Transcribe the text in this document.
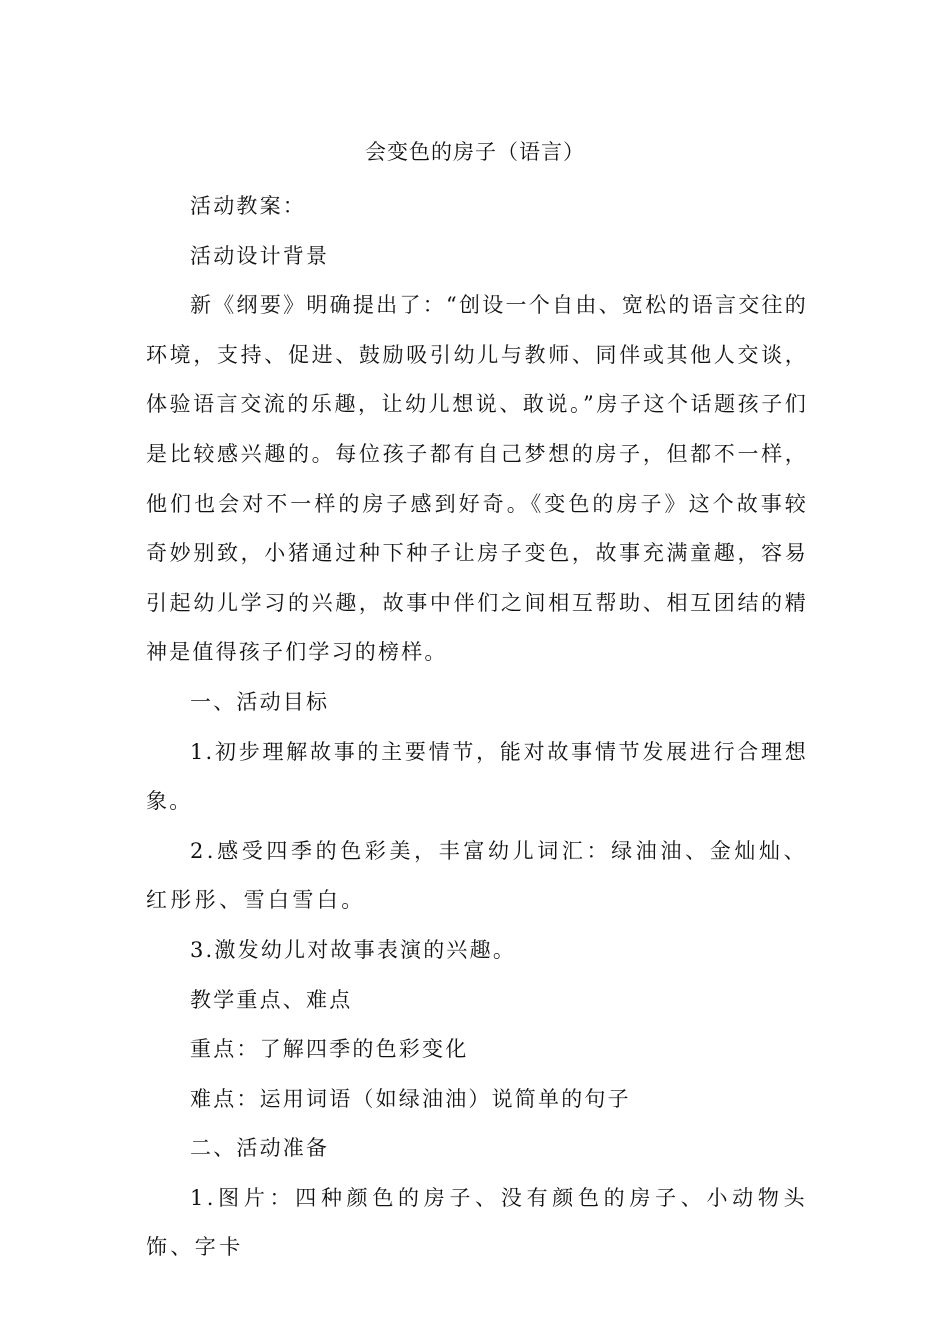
会变色的房子（语言）

活动教案：

活动设计背景

新《纲要》明确提出了：“创设一个自由、宽松的语言交往的环境，支持、促进、鼓励吸引幼儿与教师、同伴或其他人交谈，体验语言交流的乐趣，让幼儿想说、敢说。”房子这个话题孩子们是比较感兴趣的。每位孩子都有自己梦想的房子，但都不一样，他们也会对不一样的房子感到好奇。《变色的房子》这个故事较奇妙别致，小猪通过种下种子让房子变色，故事充满童趣，容易引起幼儿学习的兴趣，故事中伴们之间相互帮助、相互团结的精神是值得孩子们学习的榜样。

一、活动目标

1.初步理解故事的主要情节，能对故事情节发展进行合理想象。

2.感受四季的色彩美，丰富幼儿词汇：绿油油、金灿灿、红彤彤、雪白雪白。

3.激发幼儿对故事表演的兴趣。

教学重点、难点

重点：了解四季的色彩变化

难点：运用词语（如绿油油）说简单的句子

二、活动准备

1.图片：四种颜色的房子、没有颜色的房子、小动物头饰、字卡
